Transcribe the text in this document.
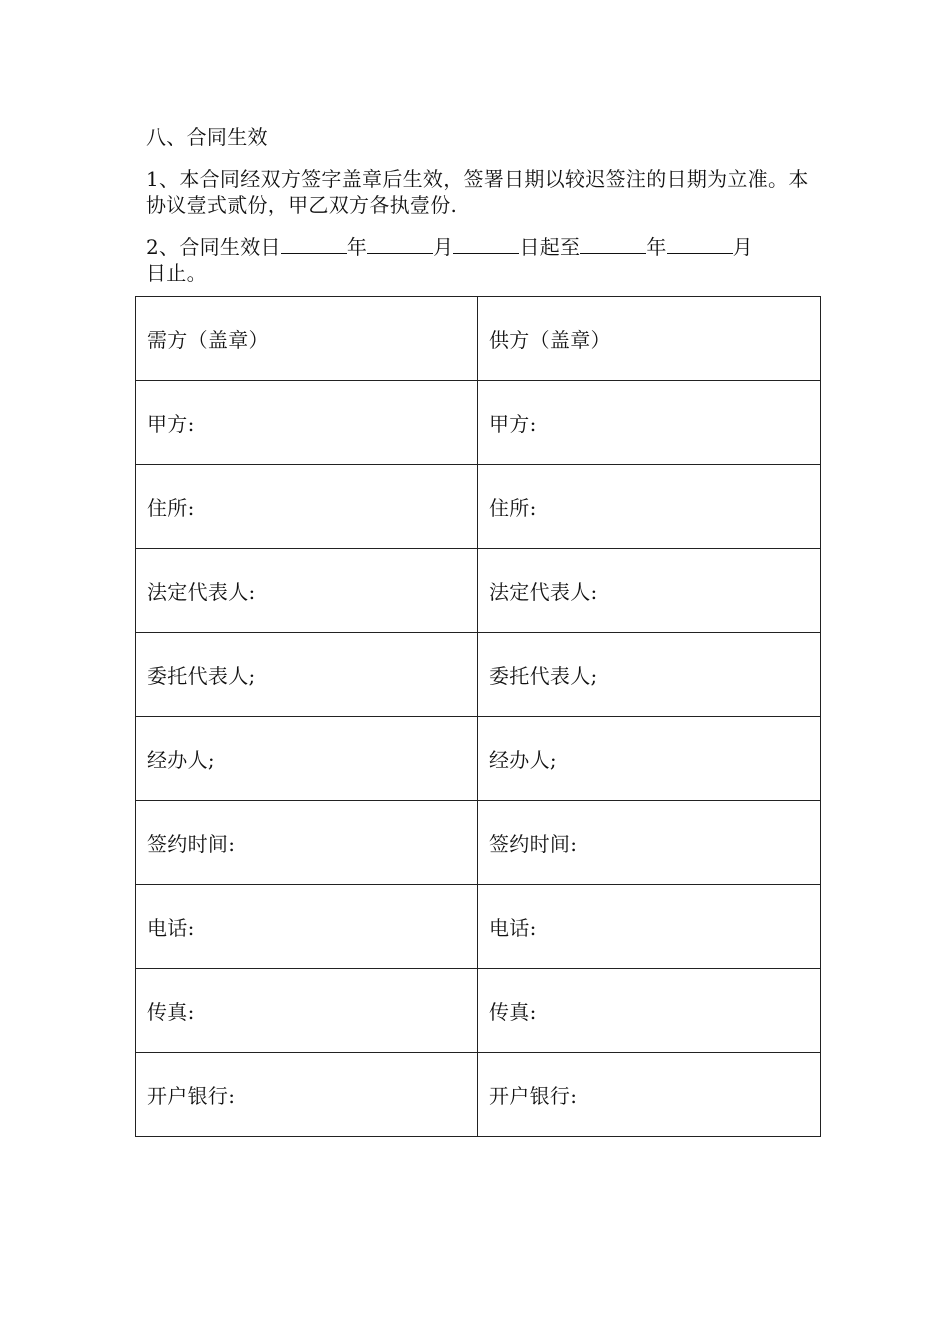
八、合同生效

1、本合同经双方签字盖章后生效，签署日期以较迟签注的日期为立准。本协议壹式贰份，甲乙双方各执壹份.

2、合同生效日	年	月	日起至	年	月
日止。

需方（盖章）	供方（盖章）
甲方:	甲方:
住所:	住所:
法定代表人:	法定代表人:
委托代表人;	委托代表人;
经办人;	经办人;
签约时间:	签约时间:
电话:	电话:
传真:	传真:
开户银行:	开户银行:
